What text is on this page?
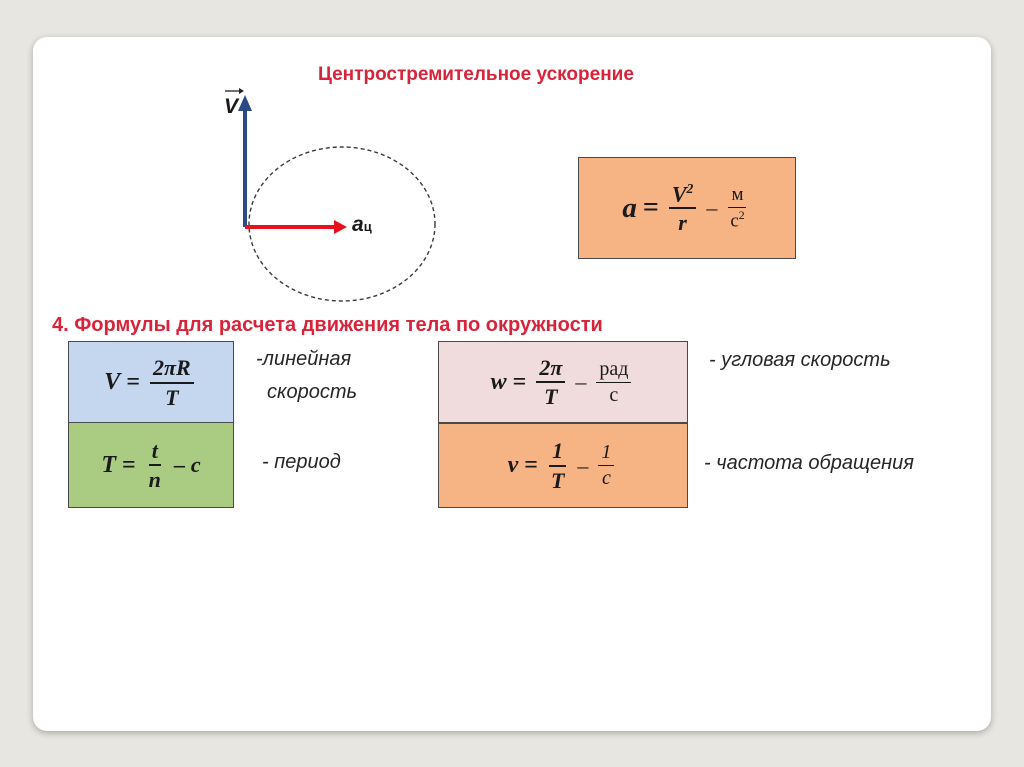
Центростремительное ускорение
V
aц
$a = \frac{V^2}{r} - \frac{м}{с^2}$
4. Формулы для расчета движения тела по окружности
$V = \frac{2\pi R}{T}$	-линейная
скорость
$T = \frac{t}{n} - с$	- период
$w = \frac{2\pi}{T} - \frac{\text{рад}}{с}$	- угловая скорость
$\nu = \frac{1}{T} - \frac{1}{с}$	- частота обращения
